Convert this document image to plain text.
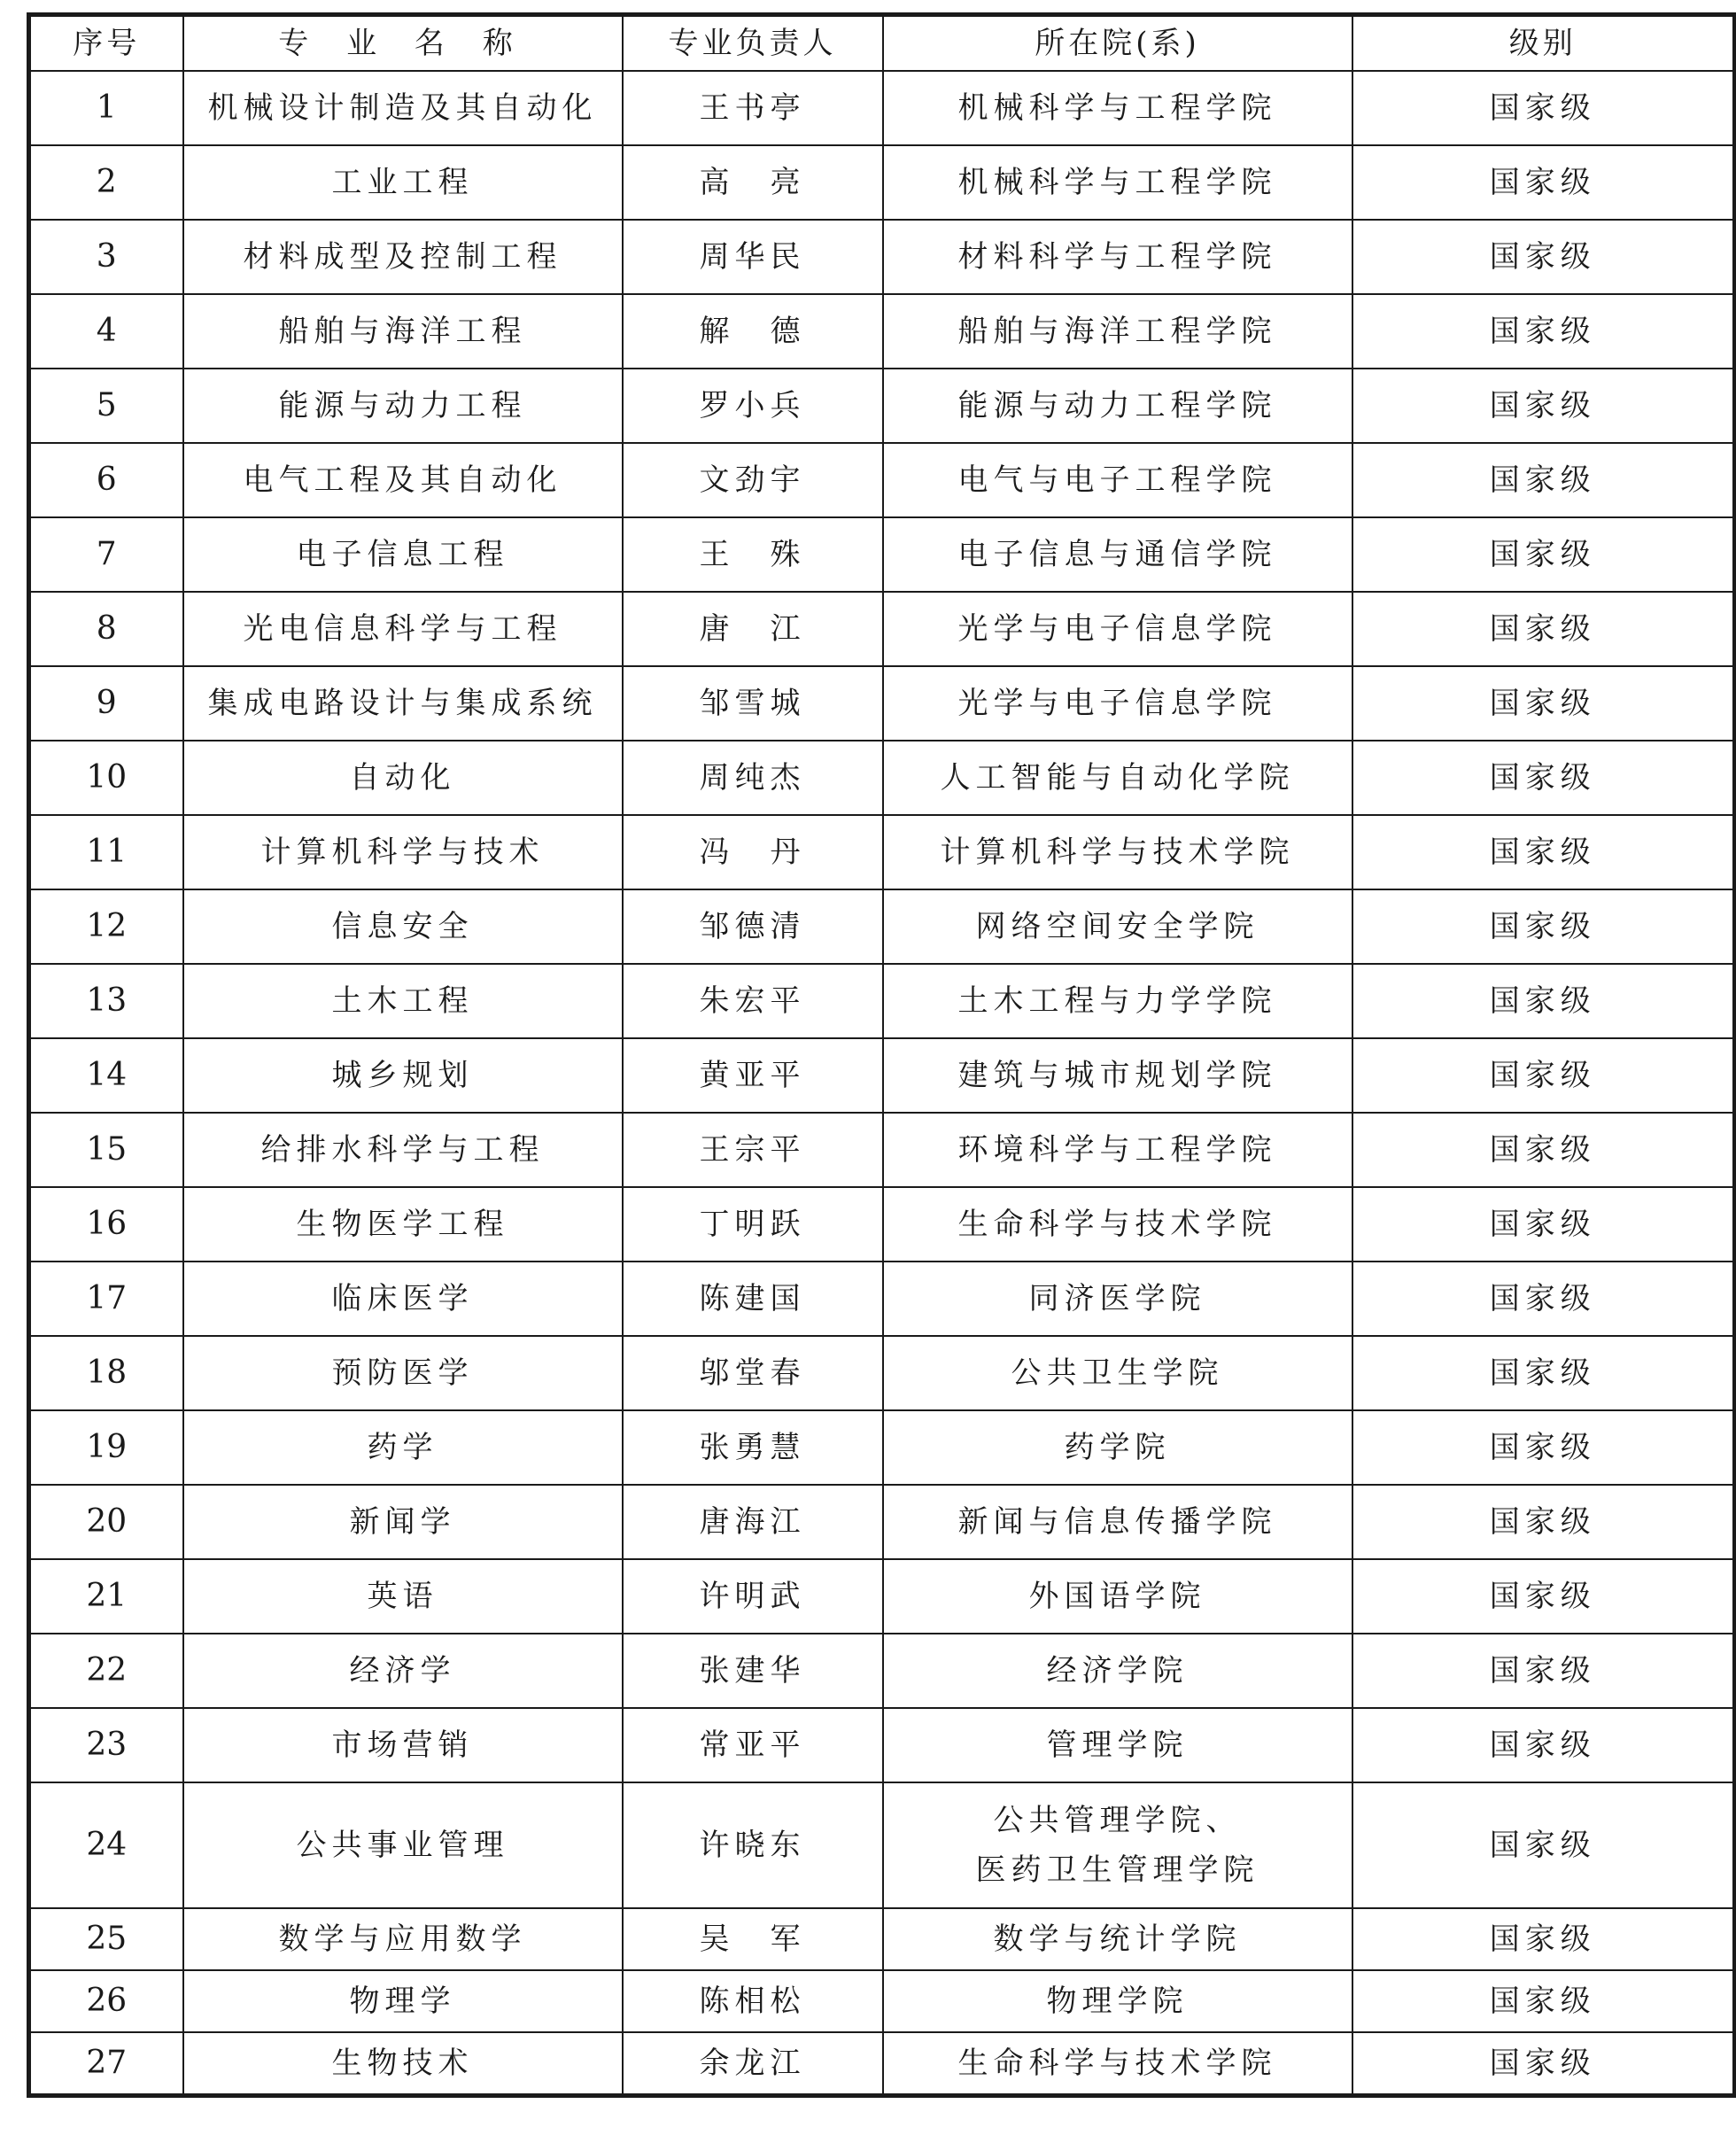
序号	专 业 名 称	专业负责人	所在院(系)	级别
1	机械设计制造及其自动化	王书亭	机械科学与工程学院	国家级
2	工业工程	高　亮	机械科学与工程学院	国家级
3	材料成型及控制工程	周华民	材料科学与工程学院	国家级
4	船舶与海洋工程	解　德	船舶与海洋工程学院	国家级
5	能源与动力工程	罗小兵	能源与动力工程学院	国家级
6	电气工程及其自动化	文劲宇	电气与电子工程学院	国家级
7	电子信息工程	王　殊	电子信息与通信学院	国家级
8	光电信息科学与工程	唐　江	光学与电子信息学院	国家级
9	集成电路设计与集成系统	邹雪城	光学与电子信息学院	国家级
10	自动化	周纯杰	人工智能与自动化学院	国家级
11	计算机科学与技术	冯　丹	计算机科学与技术学院	国家级
12	信息安全	邹德清	网络空间安全学院	国家级
13	土木工程	朱宏平	土木工程与力学学院	国家级
14	城乡规划	黄亚平	建筑与城市规划学院	国家级
15	给排水科学与工程	王宗平	环境科学与工程学院	国家级
16	生物医学工程	丁明跃	生命科学与技术学院	国家级
17	临床医学	陈建国	同济医学院	国家级
18	预防医学	邬堂春	公共卫生学院	国家级
19	药学	张勇慧	药学院	国家级
20	新闻学	唐海江	新闻与信息传播学院	国家级
21	英语	许明武	外国语学院	国家级
22	经济学	张建华	经济学院	国家级
23	市场营销	常亚平	管理学院	国家级
24	公共事业管理	许晓东	公共管理学院、
医药卫生管理学院	国家级
25	数学与应用数学	吴　军	数学与统计学院	国家级
26	物理学	陈相松	物理学院	国家级
27	生物技术	余龙江	生命科学与技术学院	国家级
